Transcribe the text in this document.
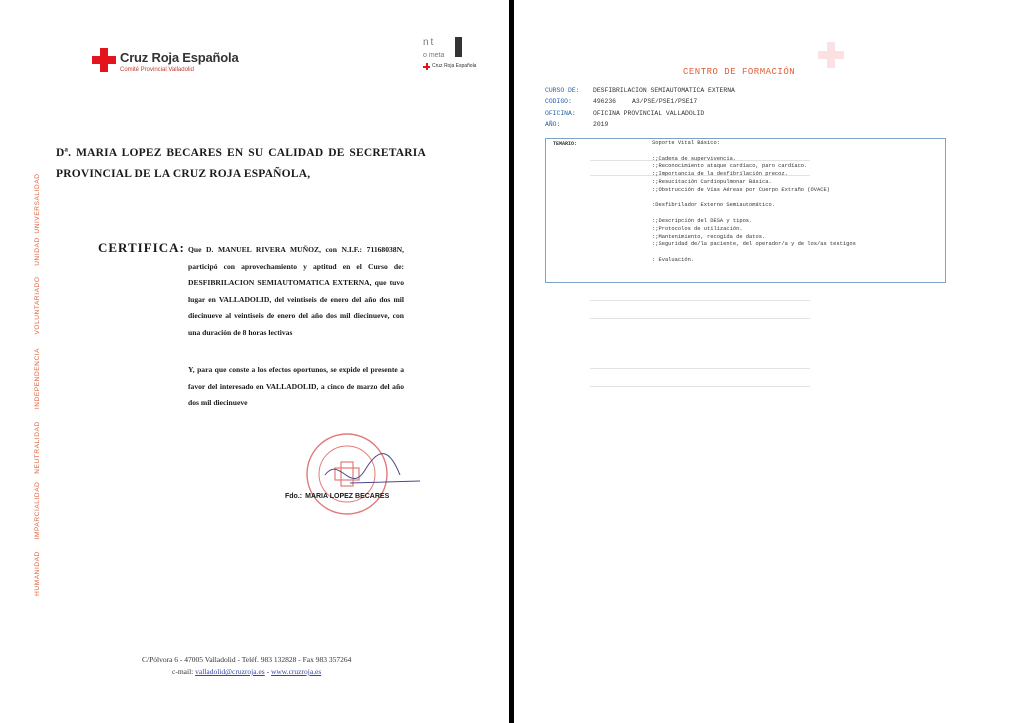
Cruz Roja Española
Comité Provincial Valladolid
nt
o meta
Cruz Roja Española
Dª. MARIA LOPEZ BECARES EN SU CALIDAD DE SECRETARIA PROVINCIAL DE LA CRUZ ROJA ESPAÑOLA,
HUMANIDAD
IMPARCIALIDAD
NEUTRALIDAD
INDEPENDENCIA
VOLUNTARIADO
UNIDAD
UNIVERSALIDAD
CERTIFICA: Que D. MANUEL RIVERA MUÑOZ, con N.I.F.: 71168038N, participó con aprovechamiento y aptitud en el Curso de: DESFIBRILACION SEMIAUTOMATICA EXTERNA, que tuvo lugar en VALLADOLID, del veintiseis de enero del año dos mil diecinueve al veintiseis de enero del año dos mil diecinueve, con una duración de 8 horas lectivas
Y, para que conste a los efectos oportunos, se expide el presente a favor del interesado en VALLADOLID, a cinco de marzo del año dos mil diecinueve
Fdo.: MARIA LOPEZ BECARES
C/Pólvora 6 - 47005 Valladolid - Teléf. 983 132828 - Fax 983 357264
c-mail: valladolid@cruzroja.es - www.cruzroja.es
CENTRO DE FORMACIÓN
CURSO DE: DESFIBRILACION SEMIAUTOMATICA EXTERNA
CODIGO:	496236	A3/PSE/PSE1/PSE17
OFICINA:	OFICINA PROVINCIAL VALLADOLID
AÑO:	2019
TEMARIO:	Soporte Vital Básico:

:;Cadena de supervivencia.
:;Reconocimiento ataque cardíaco, paro cardíaco.
:;Importancia de la desfibrilación precoz.
:;Resucitación Cardiopulmonar Básica.
:;Obstrucción de Vías Aéreas por Cuerpo Extraño (OVACE)

:Desfibrilador Externo Semiautomático.

:;Descripción del DESA y tipos.
:;Protocolos de utilización.
:;Mantenimiento, recogida de datos.
:;Seguridad de/la paciente, del operador/a y de los/as testigos

: Evaluación.
